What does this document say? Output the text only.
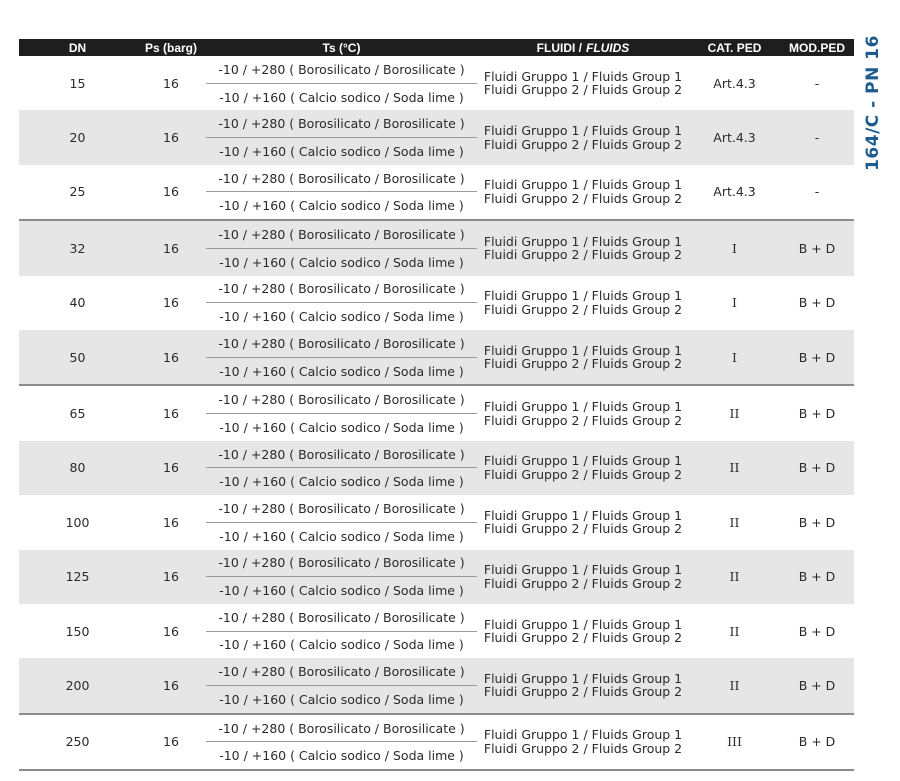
DN	Ps (barg)	Ts (°C)	FLUIDI / FLUIDS	CAT. PED	MOD.PED
15	16
-10 / +280 ( Borosilicato / Borosilicate )
-10 / +160 ( Calcio sodico / Soda lime )
Fluidi Gruppo 1 / Fluids Group 1
Fluidi Gruppo 2 / Fluids Group 2	Art.4.3	-
20	16
-10 / +280 ( Borosilicato / Borosilicate )
-10 / +160 ( Calcio sodico / Soda lime )
Fluidi Gruppo 1 / Fluids Group 1
Fluidi Gruppo 2 / Fluids Group 2	Art.4.3	-
25	16
-10 / +280 ( Borosilicato / Borosilicate )
-10 / +160 ( Calcio sodico / Soda lime )
Fluidi Gruppo 1 / Fluids Group 1
Fluidi Gruppo 2 / Fluids Group 2	Art.4.3	-
32	16
-10 / +280 ( Borosilicato / Borosilicate )
-10 / +160 ( Calcio sodico / Soda lime )
Fluidi Gruppo 1 / Fluids Group 1
Fluidi Gruppo 2 / Fluids Group 2	I	B + D
40	16
-10 / +280 ( Borosilicato / Borosilicate )
-10 / +160 ( Calcio sodico / Soda lime )
Fluidi Gruppo 1 / Fluids Group 1
Fluidi Gruppo 2 / Fluids Group 2	I	B + D
50	16
-10 / +280 ( Borosilicato / Borosilicate )
-10 / +160 ( Calcio sodico / Soda lime )
Fluidi Gruppo 1 / Fluids Group 1
Fluidi Gruppo 2 / Fluids Group 2	I	B + D
65	16
-10 / +280 ( Borosilicato / Borosilicate )
-10 / +160 ( Calcio sodico / Soda lime )
Fluidi Gruppo 1 / Fluids Group 1
Fluidi Gruppo 2 / Fluids Group 2	II	B + D
80	16
-10 / +280 ( Borosilicato / Borosilicate )
-10 / +160 ( Calcio sodico / Soda lime )
Fluidi Gruppo 1 / Fluids Group 1
Fluidi Gruppo 2 / Fluids Group 2	II	B + D
100	16
-10 / +280 ( Borosilicato / Borosilicate )
-10 / +160 ( Calcio sodico / Soda lime )
Fluidi Gruppo 1 / Fluids Group 1
Fluidi Gruppo 2 / Fluids Group 2	II	B + D
125	16
-10 / +280 ( Borosilicato / Borosilicate )
-10 / +160 ( Calcio sodico / Soda lime )
Fluidi Gruppo 1 / Fluids Group 1
Fluidi Gruppo 2 / Fluids Group 2	II	B + D
150	16
-10 / +280 ( Borosilicato / Borosilicate )
-10 / +160 ( Calcio sodico / Soda lime )
Fluidi Gruppo 1 / Fluids Group 1
Fluidi Gruppo 2 / Fluids Group 2	II	B + D
200	16
-10 / +280 ( Borosilicato / Borosilicate )
-10 / +160 ( Calcio sodico / Soda lime )
Fluidi Gruppo 1 / Fluids Group 1
Fluidi Gruppo 2 / Fluids Group 2	II	B + D
250	16
-10 / +280 ( Borosilicato / Borosilicate )
-10 / +160 ( Calcio sodico / Soda lime )
Fluidi Gruppo 1 / Fluids Group 1
Fluidi Gruppo 2 / Fluids Group 2	III	B + D
164/C - PN 16
